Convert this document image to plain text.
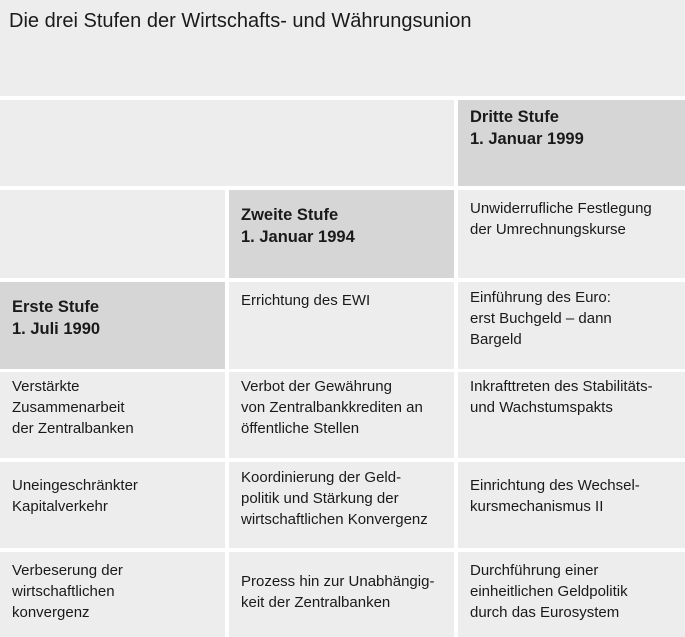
Die drei Stufen der Wirtschafts- und Währungsunion
Erste Stufe
1. Juli 1990
Verstärkte
Zusammenarbeit
der Zentralbanken
Uneingeschränkter
Kapitalverkehr
Verbeserung der
wirtschaftlichen
konvergenz
Zweite Stufe
1. Januar 1994
Errichtung des EWI
Verbot der Gewährung
von Zentralbankkrediten an
öffentliche Stellen
Koordinierung der Geld-
politik und Stärkung der
wirtschaftlichen Konvergenz
Prozess hin zur Unabhängig-
keit der Zentralbanken
Dritte Stufe
1. Januar 1999
Unwiderrufliche Festlegung
der Umrechnungskurse
Einführung des Euro:
erst Buchgeld – dann
Bargeld
Inkrafttreten des Stabilitäts-
und Wachstumspakts
Einrichtung des Wechsel-
kursmechanismus II
Durchführung einer
einheitlichen Geldpolitik
durch das Eurosystem
